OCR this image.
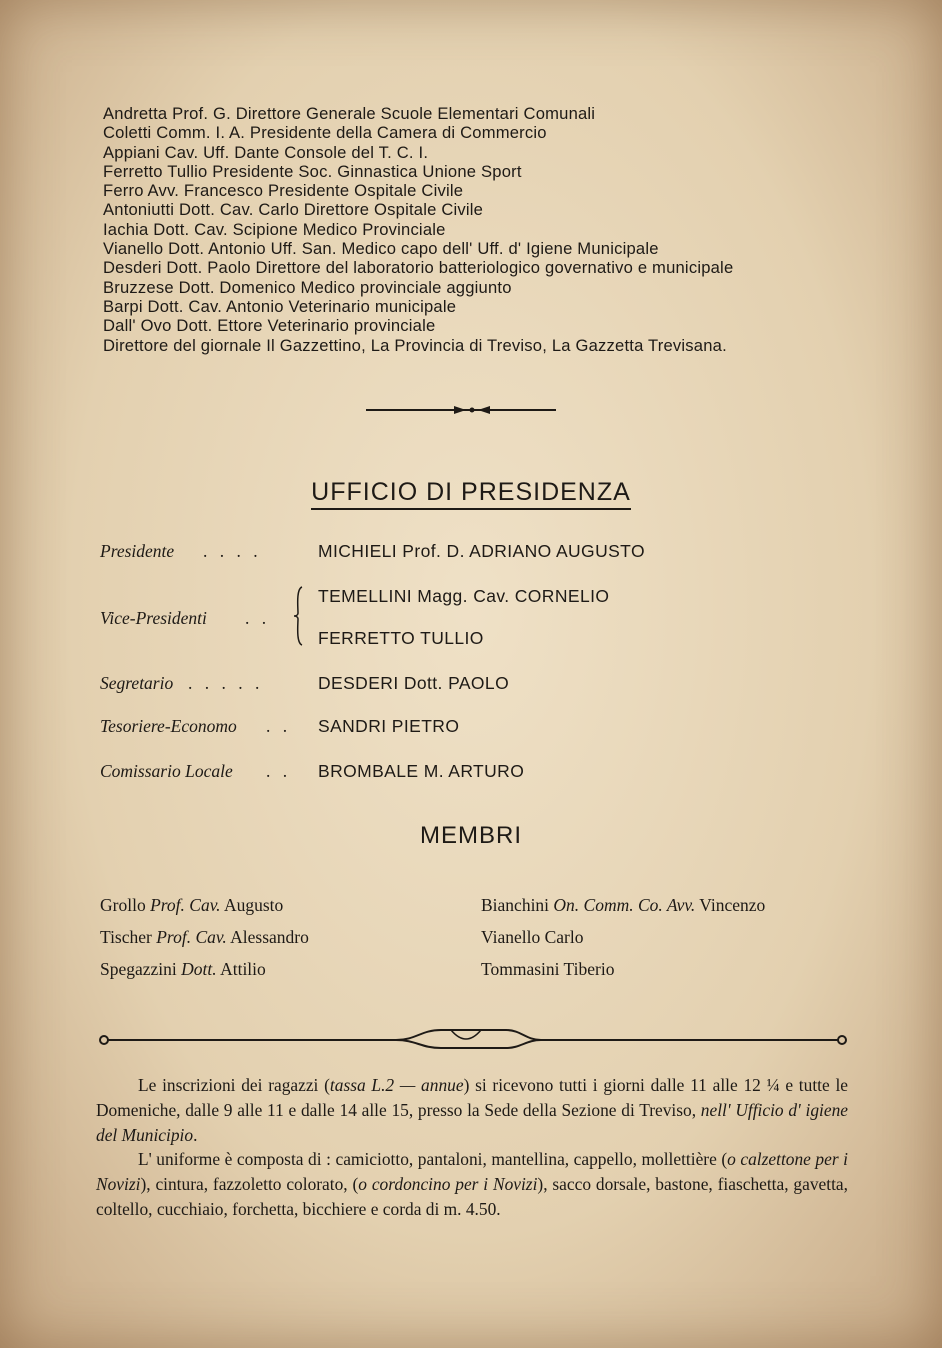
Andretta Prof. G. Direttore Generale Scuole Elementari Comunali
Coletti Comm. I. A. Presidente della Camera di Commercio
Appiani Cav. Uff. Dante Console del T. C. I.
Ferretto Tullio Presidente Soc. Ginnastica Unione Sport
Ferro Avv. Francesco Presidente Ospitale Civile
Antoniutti Dott. Cav. Carlo Direttore Ospitale Civile
Iachia Dott. Cav. Scipione Medico Provinciale
Vianello Dott. Antonio Uff. San. Medico capo dell' Uff. d' Igiene Municipale
Desderi Dott. Paolo Direttore del laboratorio batteriologico governativo e municipale
Bruzzese Dott. Domenico Medico provinciale aggiunto
Barpi Dott. Cav. Antonio Veterinario municipale
Dall' Ovo Dott. Ettore Veterinario provinciale
Direttore del giornale Il Gazzettino, La Provincia di Treviso, La Gazzetta Trevisana.
UFFICIO DI PRESIDENZA
Presidente . . . .	MICHIELI Prof. D. ADRIANO AUGUSTO
Vice-Presidenti . .
TEMELLINI Magg. Cav. CORNELIO
FERRETTO TULLIO
Segretario . . . . .	DESDERI Dott. PAOLO
Tesoriere-Economo . . SANDRI PIETRO
Comissario Locale . . BROMBALE M. ARTURO
MEMBRI
Grollo Prof. Cav. Augusto
Tischer Prof. Cav. Alessandro
Spegazzini Dott. Attilio
Bianchini On. Comm. Co. Avv. Vincenzo
Vianello Carlo
Tommasini Tiberio

Le inscrizioni dei ragazzi (tassa L.2 — annue) si ricevono tutti i giorni dalle 11 alle 12 ¼ e tutte le Domeniche, dalle 9 alle 11 e dalle 14 alle 15, presso la Sede della Sezione di Treviso, nell' Ufficio d' igiene del Municipio.

L' uniforme è composta di : camiciotto, pantaloni, mantellina, cappello, mollettière (o calzettone per i Novizi), cintura, fazzoletto colorato, (o cordoncino per i Novizi), sacco dorsale, bastone, fiaschetta, gavetta, coltello, cucchiaio, forchetta, bicchiere e corda di m. 4.50.
